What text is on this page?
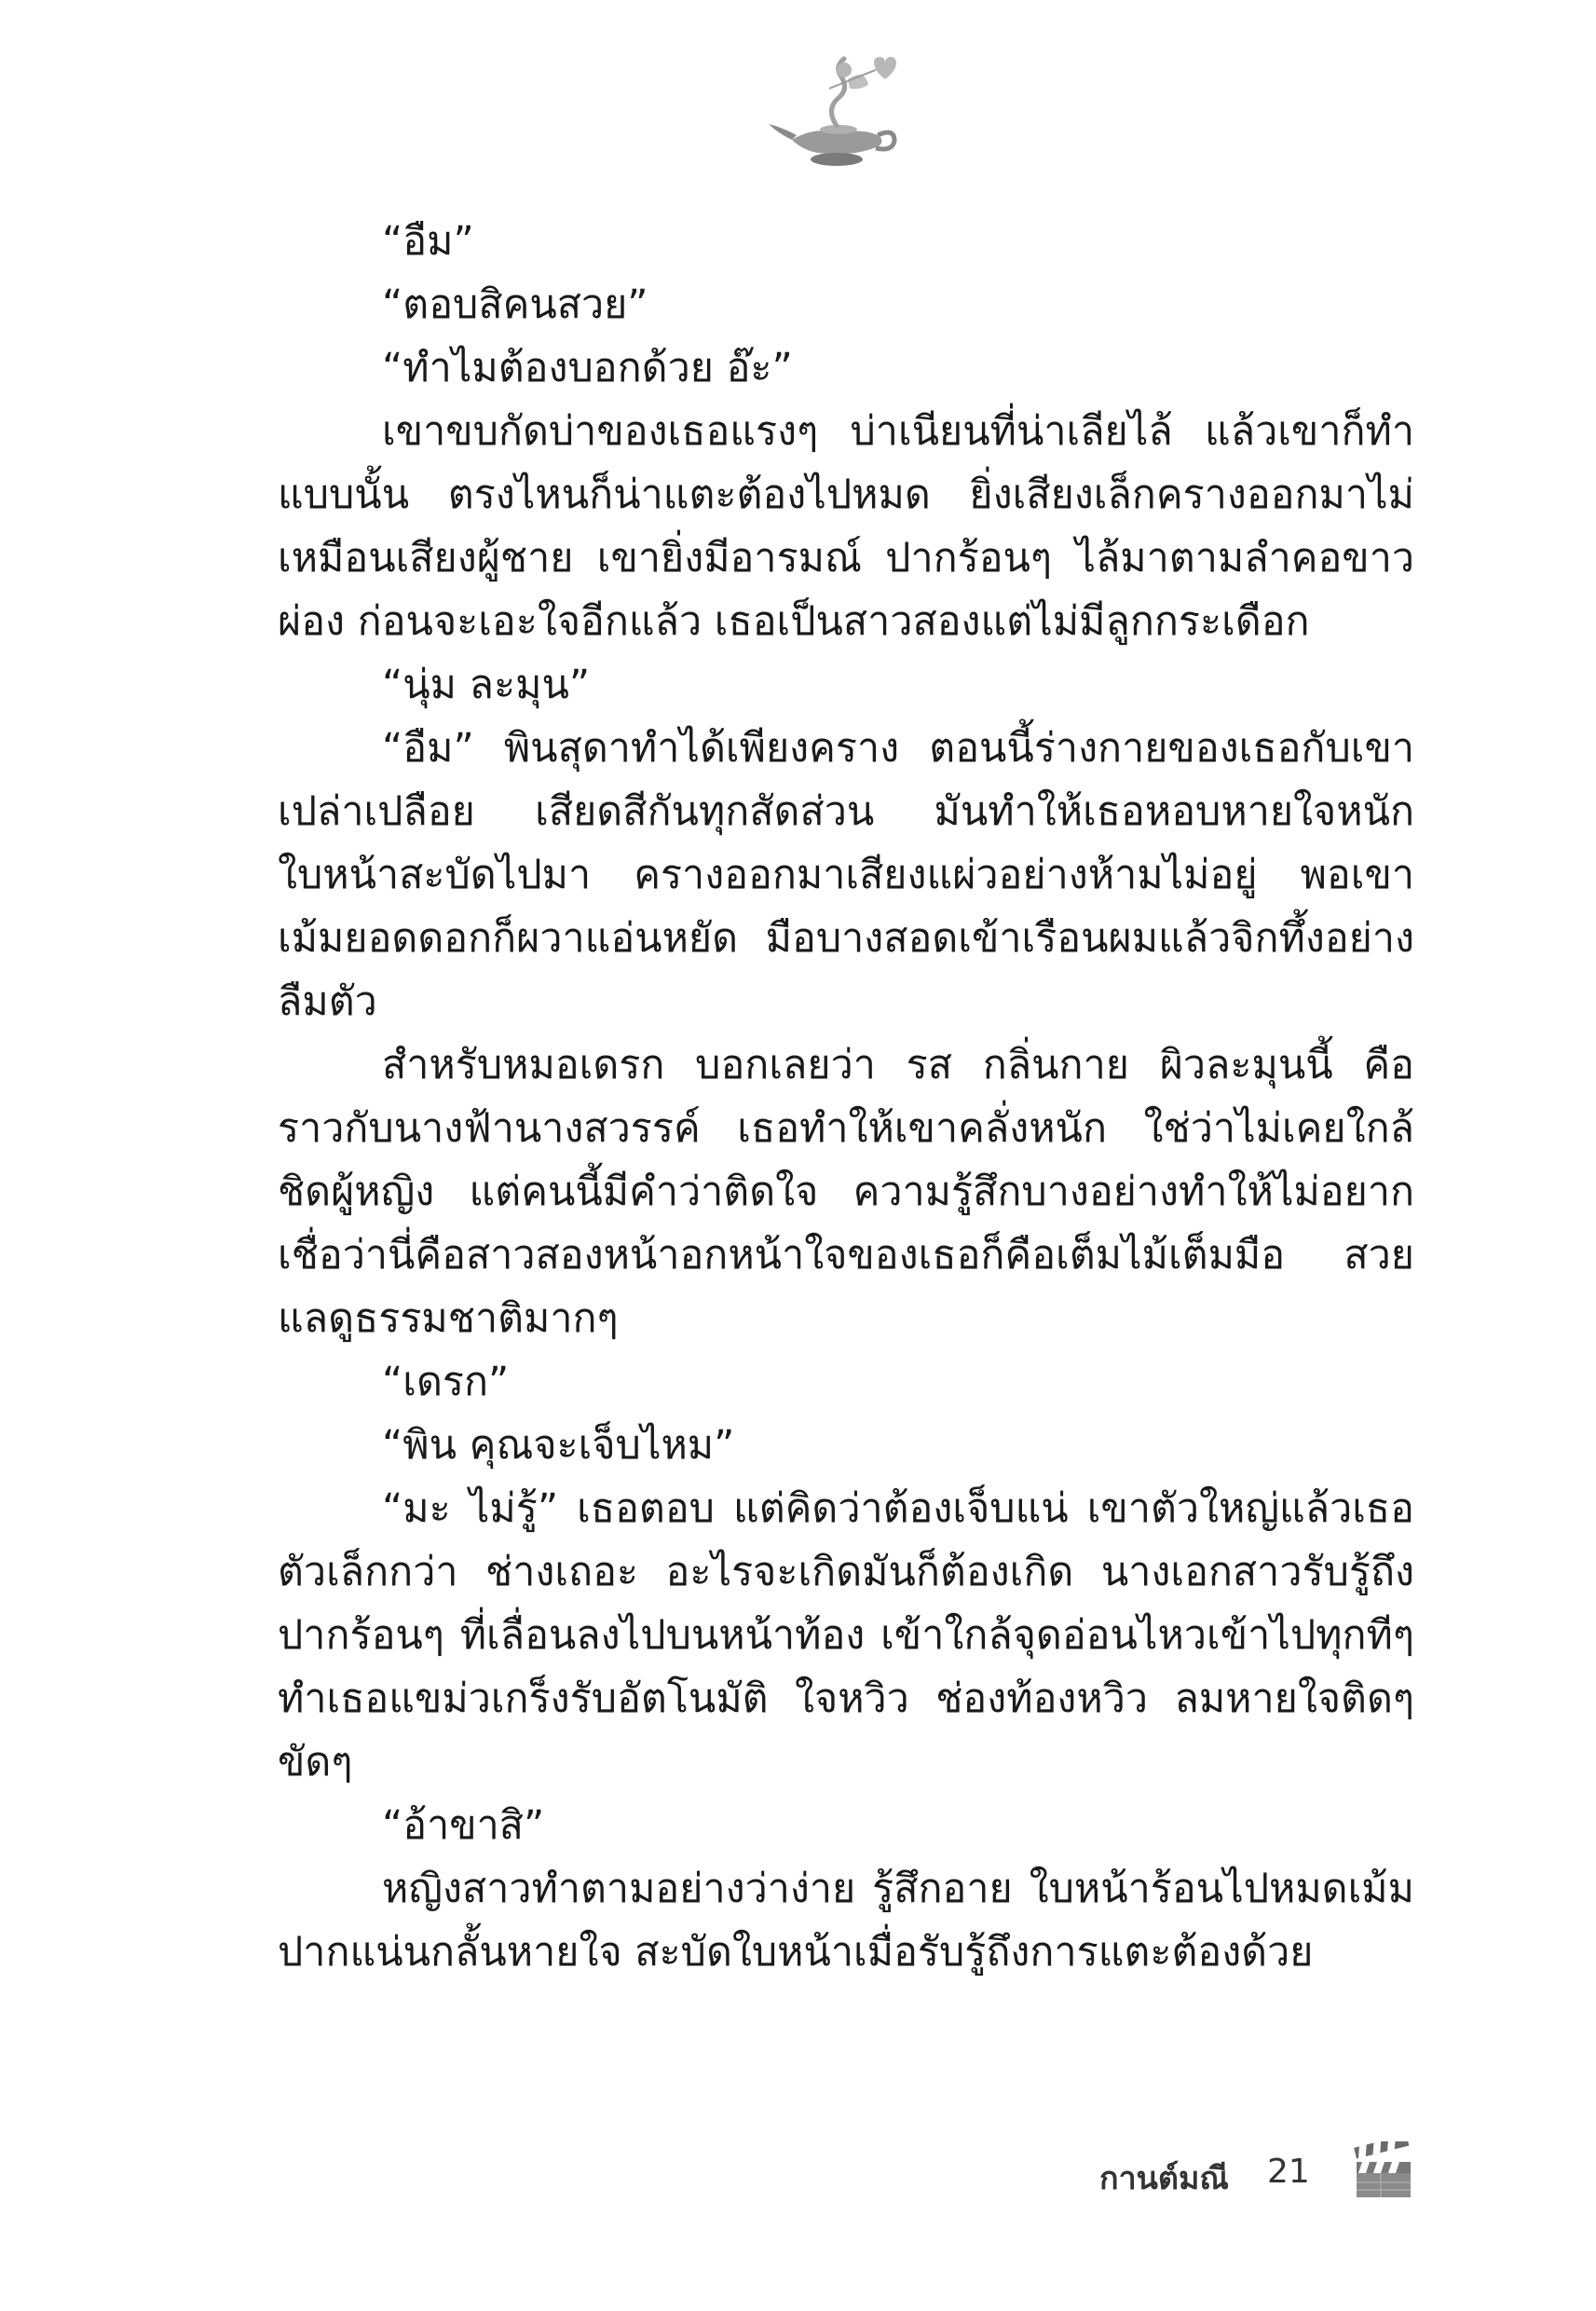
“อืม”

“ตอบสิคนสวย”

“ทำไมต้องบอกด้วย อ๊ะ”

เขาขบกัดบ่าของเธอแรงๆ บ่าเนียนที่น่าเลียไล้ แล้วเขาก็ทำแบบนั้น ตรงไหนก็น่าแตะต้องไปหมด ยิ่งเสียงเล็กครางออกมาไม่เหมือนเสียงผู้ชาย เขายิ่งมีอารมณ์ ปากร้อนๆ ไล้มาตามลำคอขาวผ่อง ก่อนจะเอะใจอีกแล้ว เธอเป็นสาวสองแต่ไม่มีลูกกระเดือก

“นุ่ม ละมุน”

“อืม” พินสุดาทำได้เพียงคราง ตอนนี้ร่างกายของเธอกับเขาเปล่าเปลือย เสียดสีกันทุกสัดส่วน มันทำให้เธอหอบหายใจหนัก ใบหน้าสะบัดไปมา ครางออกมาเสียงแผ่วอย่างห้ามไม่อยู่ พอเขาเม้มยอดดอกก็ผวาแอ่นหยัด มือบางสอดเข้าเรือนผมแล้วจิกทึ้งอย่างลืมตัว

สำหรับหมอเดรก บอกเลยว่า รส กลิ่นกาย ผิวละมุนนี้ คือราวกับนางฟ้านางสวรรค์ เธอทำให้เขาคลั่งหนัก ใช่ว่าไม่เคยใกล้ชิดผู้หญิง แต่คนนี้มีคำว่าติดใจ ความรู้สึกบางอย่างทำให้ไม่อยากเชื่อว่านี่คือสาวสองหน้าอกหน้าใจของเธอก็คือเต็มไม้เต็มมือ สวยแลดูธรรมชาติมากๆ

“เดรก”

“พิน คุณจะเจ็บไหม”

“มะ ไม่รู้” เธอตอบ แต่คิดว่าต้องเจ็บแน่ เขาตัวใหญ่แล้วเธอตัวเล็กกว่า ช่างเถอะ อะไรจะเกิดมันก็ต้องเกิด นางเอกสาวรับรู้ถึงปากร้อนๆ ที่เลื่อนลงไปบนหน้าท้อง เข้าใกล้จุดอ่อนไหวเข้าไปทุกทีๆ ทำเธอแขม่วเกร็งรับอัตโนมัติ ใจหวิว ช่องท้องหวิว ลมหายใจติดๆ ขัดๆ

“อ้าขาสิ”

หญิงสาวทำตามอย่างว่าง่าย รู้สึกอาย ใบหน้าร้อนไปหมดเม้มปากแน่นกลั้นหายใจ สะบัดใบหน้าเมื่อรับรู้ถึงการแตะต้องด้วย

กานต์มณี 21
